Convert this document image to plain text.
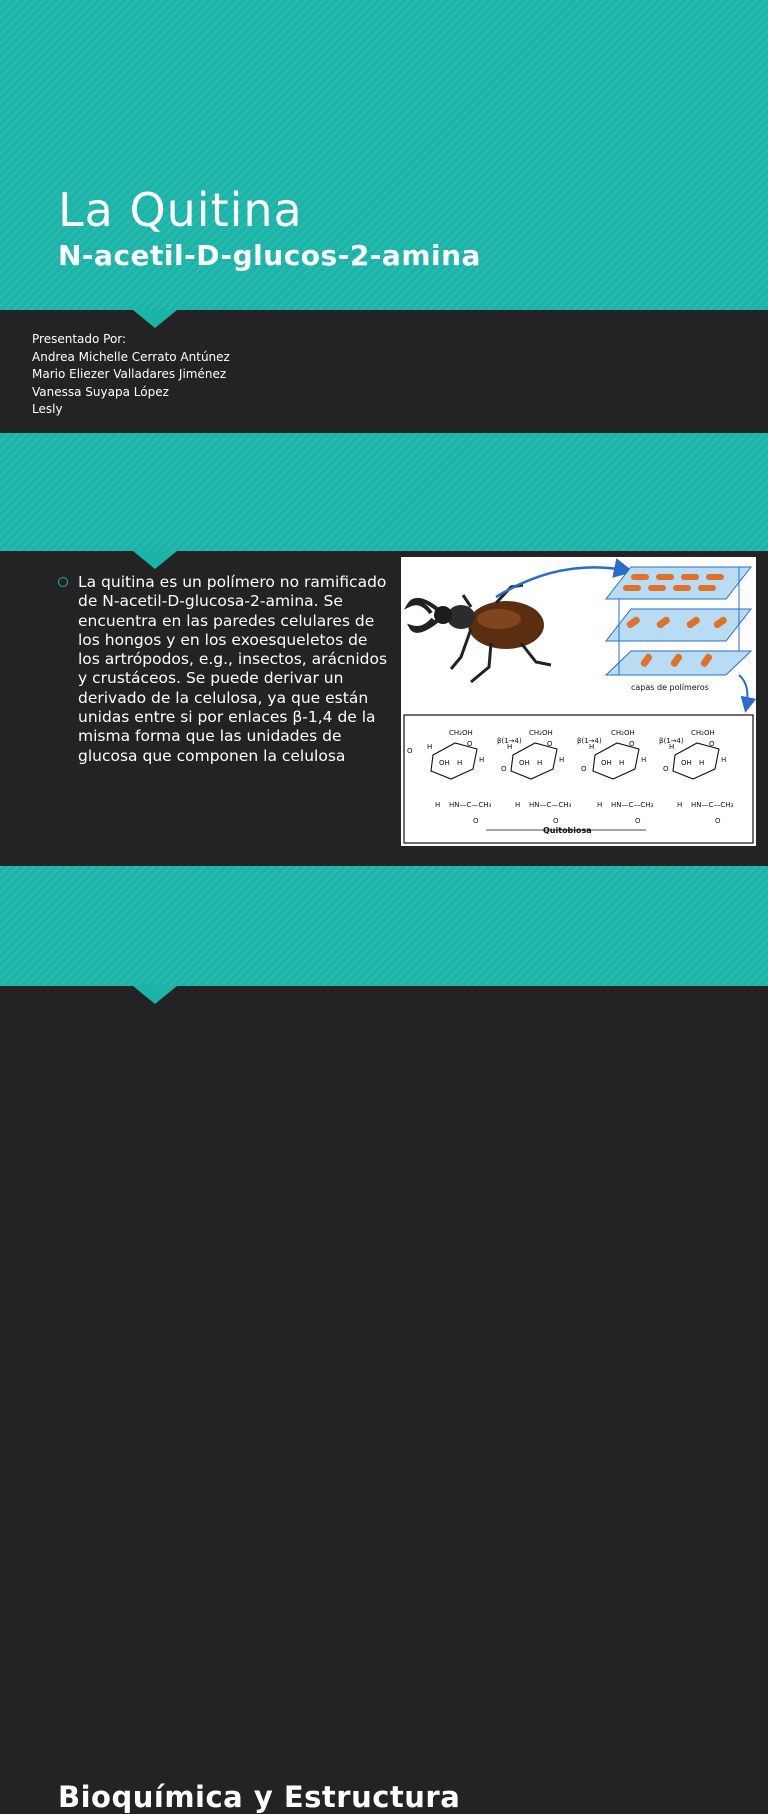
La Quitina
N-acetil-D-glucos-2-amina
Presentado Por:
Andrea Michelle Cerrato Antúnez
Mario Eliezer Valladares Jiménez
Vanessa Suyapa López
Lesly
La quitina es un polímero no ramificado de N-acetil-D-glucosa-2-amina. Se encuentra en las paredes celulares de los hongos y en los exoesqueletos de los artrópodos, e.g., insectos, arácnidos y crustáceos. Se puede derivar un derivado de la celulosa, ya que están unidas entre si por enlaces β-1,4 de la misma forma que las unidades de glucosa que componen la celulosa
capas de polímeros
O
CH₂OH
O
H
H
OH H
H HN—C—CH₃
O
β(1→4)
O
CH₂OH
O
H
H
OH H
H HN—C—CH₃
O
β(1→4)
O
CH₂OH
O
H
H
OH H
H HN—C—CH₃
O
β(1→4)
O
CH₂OH
O
H
H
OH H
H HN—C—CH₃
O
Quitobiosa
Bioquímica y Estructura
